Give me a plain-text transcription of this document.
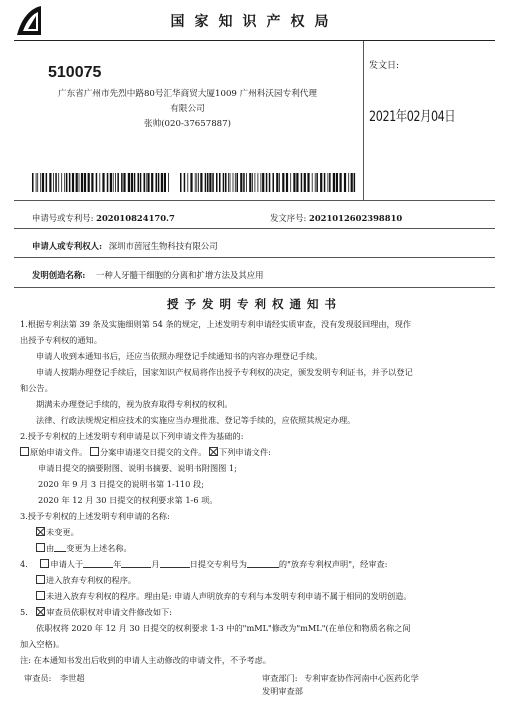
国家知识产权局
510075
广东省广州市先烈中路80号汇华商贸大厦1009 广州科沃园专利代理
有限公司
张帅(020-37657887)
发文日:
2021年02月04日
申请号或专利号: 202010824170.7	发文序号: 2021012602398810
申请人或专利权人: 深圳市茵冠生物科技有限公司
发明创造名称: 一种人牙髓干细胞的分离和扩增方法及其应用
授予发明专利权通知书

1.根据专利法第 39 条及实施细则第 54 条的规定，上述发明专利申请经实质审查，没有发现驳回理由，现作

出授予专利权的通知。

申请人收到本通知书后，还应当依照办理登记手续通知书的内容办理登记手续。

申请人按期办理登记手续后，国家知识产权局将作出授予专利权的决定，颁发发明专利证书，并予以登记

和公告。

期满未办理登记手续的，视为放弃取得专利权的权利。

法律、行政法规规定相应技术的实施应当办理批准、登记等手续的，应依照其规定办理。

2.授予专利权的上述发明专利申请是以下列申请文件为基础的:

原始申请文件。 分案申请递交日提交的文件。 下列申请文件:

申请日提交的摘要附图、说明书摘要、说明书附图图 1;

2020 年 9 月 3 日提交的说明书第 1-110 段;

2020 年 12 月 30 日提交的权利要求第 1-6 项。

3.授予专利权的上述发明专利申请的名称:

未变更。

由 变更为上述名称。

4.	申请人于	年	月	日提交专利号为	的"放弃专利权声明"，经审查:

进入放弃专利权的程序。

未进入放弃专利权的程序。理由是: 申请人声明放弃的专利与本发明专利申请不属于相同的发明创造。

5. 审查员依职权对申请文件修改如下:

依职权将 2020 年 12 月 30 日提交的权利要求 1-3 中的"mML"修改为"mML"(在单位和物质名称之间

加入空格)。

注: 在本通知书发出后收到的申请人主动修改的申请文件，不予考虑。

审查员: 李世超	审查部门: 专利审查协作河南中心医药化学
发明审查部
